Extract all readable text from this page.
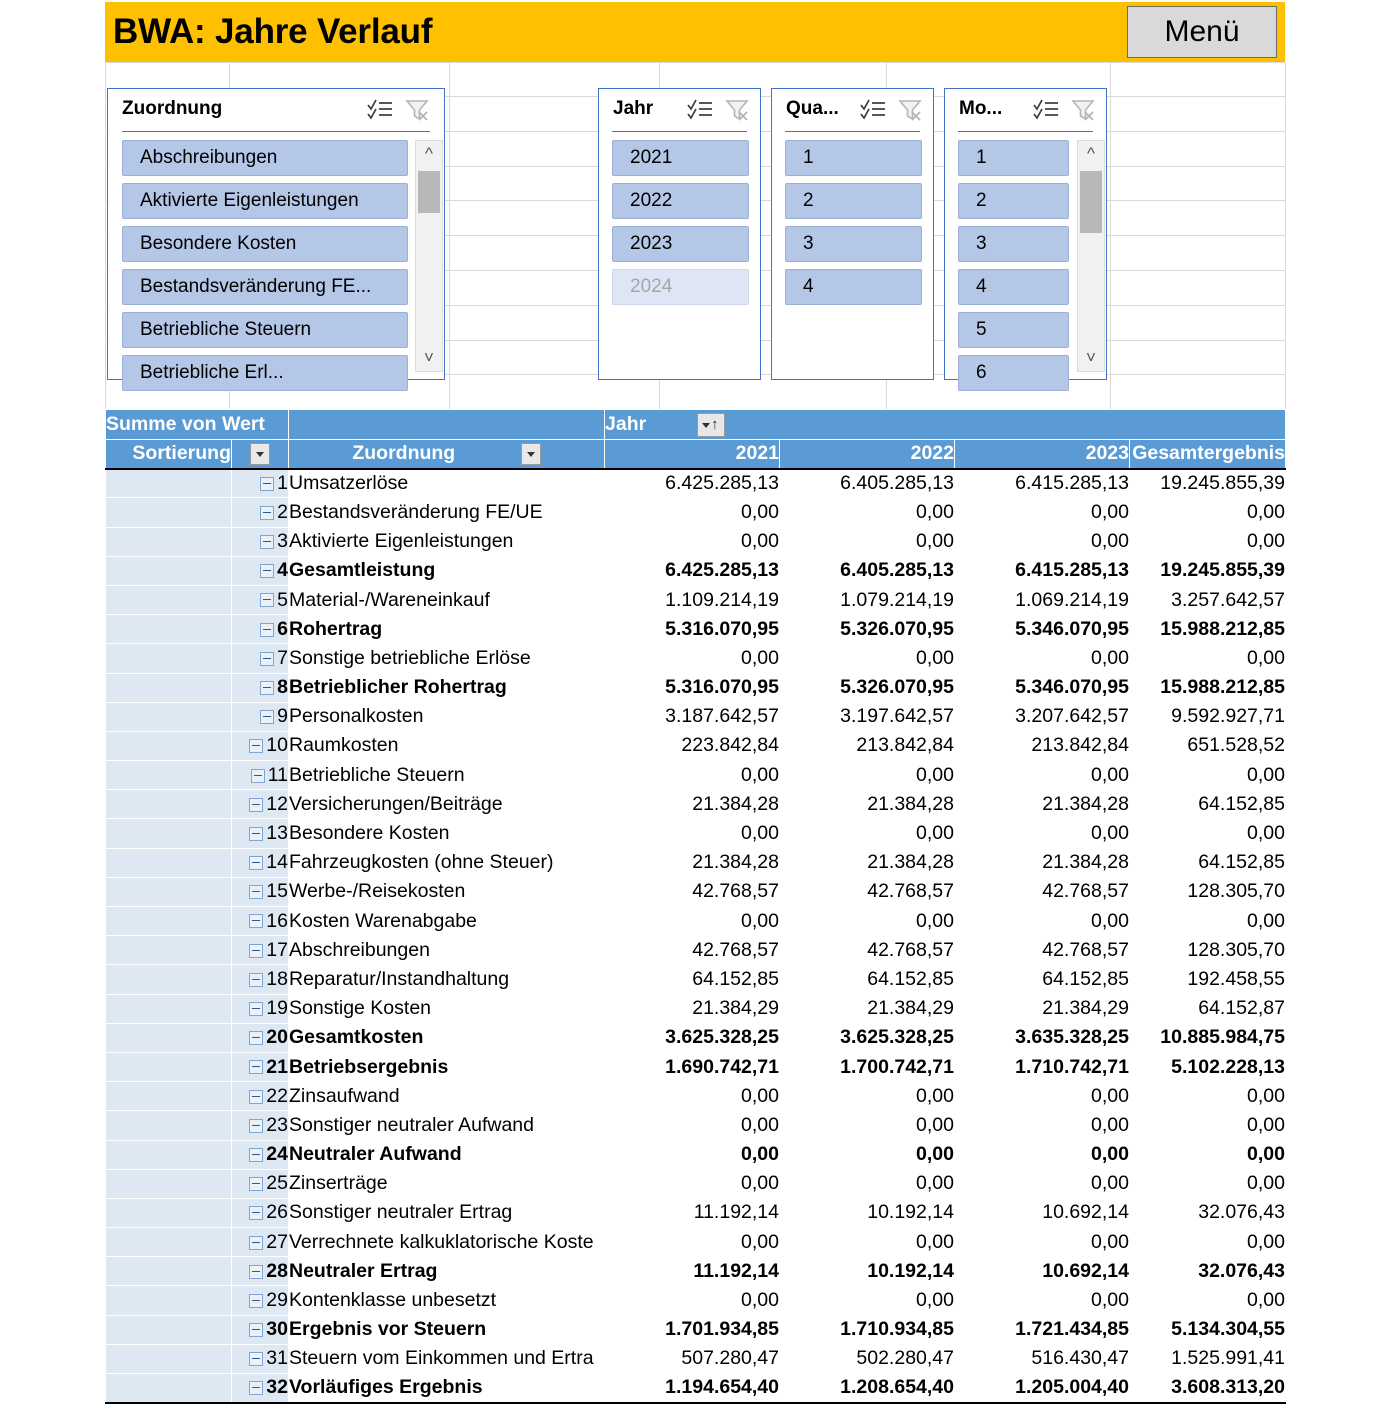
BWA: Jahre Verlauf	Menü
Zuordnung
Abschreibungen
Aktivierte Eigenleistungen
Besondere Kosten
Bestandsveränderung FE...
Betriebliche Steuern
Betriebliche Erl...
^
˅
Jahr
2021
2022
2023
2024
Qua...
1
2
3
4
Mo...
1
2
3
4
5
6
^
˅
Summe von Wert			Jahr ↑			

Sortierung		Zuordnung	2021	2022	2023	Gesamtergebnis
	1	Umsatzerlöse	6.425.285,13	6.405.285,13	6.415.285,13	19.245.855,39
	2	Bestandsveränderung FE/UE	0,00	0,00	0,00	0,00
	3	Aktivierte Eigenleistungen	0,00	0,00	0,00	0,00
	4	Gesamtleistung	6.425.285,13	6.405.285,13	6.415.285,13	19.245.855,39
	5	Material-/Wareneinkauf	1.109.214,19	1.079.214,19	1.069.214,19	3.257.642,57
	6	Rohertrag	5.316.070,95	5.326.070,95	5.346.070,95	15.988.212,85
	7	Sonstige betriebliche Erlöse	0,00	0,00	0,00	0,00
	8	Betrieblicher Rohertrag	5.316.070,95	5.326.070,95	5.346.070,95	15.988.212,85
	9	Personalkosten	3.187.642,57	3.197.642,57	3.207.642,57	9.592.927,71
	10	Raumkosten	223.842,84	213.842,84	213.842,84	651.528,52
	11	Betriebliche Steuern	0,00	0,00	0,00	0,00
	12	Versicherungen/Beiträge	21.384,28	21.384,28	21.384,28	64.152,85
	13	Besondere Kosten	0,00	0,00	0,00	0,00
	14	Fahrzeugkosten (ohne Steuer)	21.384,28	21.384,28	21.384,28	64.152,85
	15	Werbe-/Reisekosten	42.768,57	42.768,57	42.768,57	128.305,70
	16	Kosten Warenabgabe	0,00	0,00	0,00	0,00
	17	Abschreibungen	42.768,57	42.768,57	42.768,57	128.305,70
	18	Reparatur/Instandhaltung	64.152,85	64.152,85	64.152,85	192.458,55
	19	Sonstige Kosten	21.384,29	21.384,29	21.384,29	64.152,87
	20	Gesamtkosten	3.625.328,25	3.625.328,25	3.635.328,25	10.885.984,75
	21	Betriebsergebnis	1.690.742,71	1.700.742,71	1.710.742,71	5.102.228,13
	22	Zinsaufwand	0,00	0,00	0,00	0,00
	23	Sonstiger neutraler Aufwand	0,00	0,00	0,00	0,00
	24	Neutraler Aufwand	0,00	0,00	0,00	0,00
	25	Zinserträge	0,00	0,00	0,00	0,00
	26	Sonstiger neutraler Ertrag	11.192,14	10.192,14	10.692,14	32.076,43
	27	Verrechnete kalkuklatorische Koste	0,00	0,00	0,00	0,00
	28	Neutraler Ertrag	11.192,14	10.192,14	10.692,14	32.076,43
	29	Kontenklasse unbesetzt	0,00	0,00	0,00	0,00
	30	Ergebnis vor Steuern	1.701.934,85	1.710.934,85	1.721.434,85	5.134.304,55
	31	Steuern vom Einkommen und Ertra	507.280,47	502.280,47	516.430,47	1.525.991,41
	32	Vorläufiges Ergebnis	1.194.654,40	1.208.654,40	1.205.004,40	3.608.313,20
